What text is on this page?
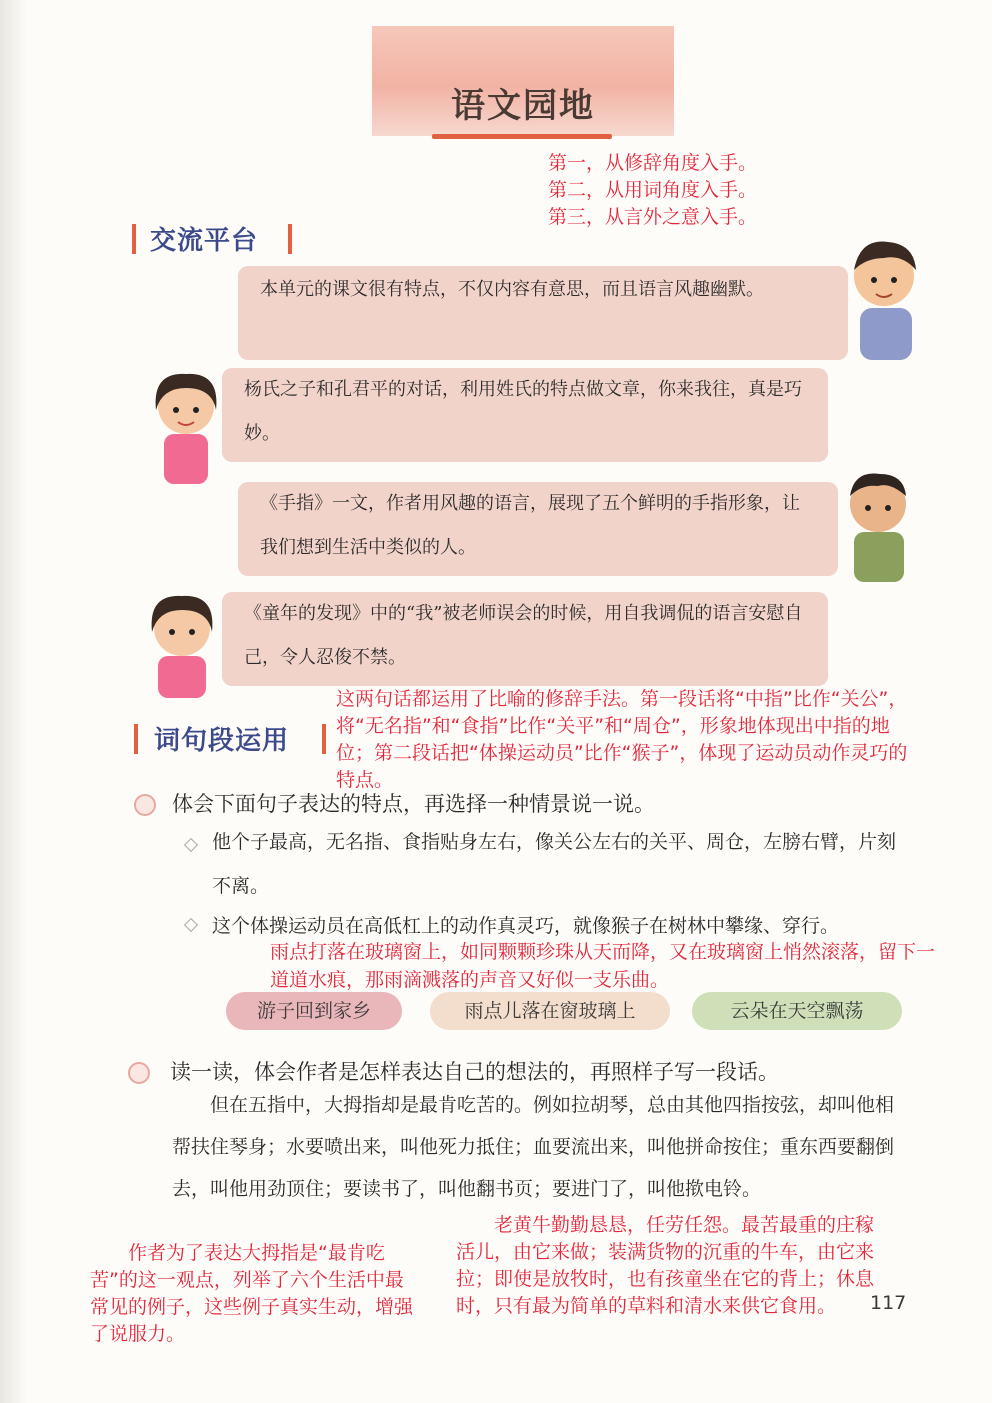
语文园地
第一，从修辞角度入手。
第二，从用词角度入手。
第三，从言外之意入手。
交流平台
本单元的课文很有特点，不仅内容有意思，而且语言风趣幽默。
杨氏之子和孔君平的对话，利用姓氏的特点做文章，你来我往，真是巧妙。
《手指》一文，作者用风趣的语言，展现了五个鲜明的手指形象，让我们想到生活中类似的人。
《童年的发现》中的“我”被老师误会的时候，用自我调侃的语言安慰自己，令人忍俊不禁。
这两句话都运用了比喻的修辞手法。第一段话将“中指”比作“关公”，将“无名指”和“食指”比作“关平”和“周仓”，形象地体现出中指的地位；第二段话把“体操运动员”比作“猴子”，体现了运动员动作灵巧的特点。
词句段运用
体会下面句子表达的特点，再选择一种情景说一说。
他个子最高，无名指、食指贴身左右，像关公左右的关平、周仓，左膀右臂，片刻不离。
这个体操运动员在高低杠上的动作真灵巧，就像猴子在树林中攀缘、穿行。
雨点打落在玻璃窗上，如同颗颗珍珠从天而降，又在玻璃窗上悄然滚落，留下一道道水痕，那雨滴溅落的声音又好似一支乐曲。
游子回到家乡	雨点儿落在窗玻璃上	云朵在天空飘荡
读一读，体会作者是怎样表达自己的想法的，再照样子写一段话。
但在五指中，大拇指却是最肯吃苦的。例如拉胡琴，总由其他四指按弦，却叫他相帮扶住琴身；水要喷出来，叫他死力抵住；血要流出来，叫他拼命按住；重东西要翻倒去，叫他用劲顶住；要读书了，叫他翻书页；要进门了，叫他揿电铃。
作者为了表达大拇指是“最肯吃苦”的这一观点，列举了六个生活中最常见的例子，这些例子真实生动，增强了说服力。
老黄牛勤勤恳恳，任劳任怨。最苦最重的庄稼活儿，由它来做；装满货物的沉重的牛车，由它来拉；即使是放牧时，也有孩童坐在它的背上；休息时，只有最为简单的草料和清水来供它食用。	117
